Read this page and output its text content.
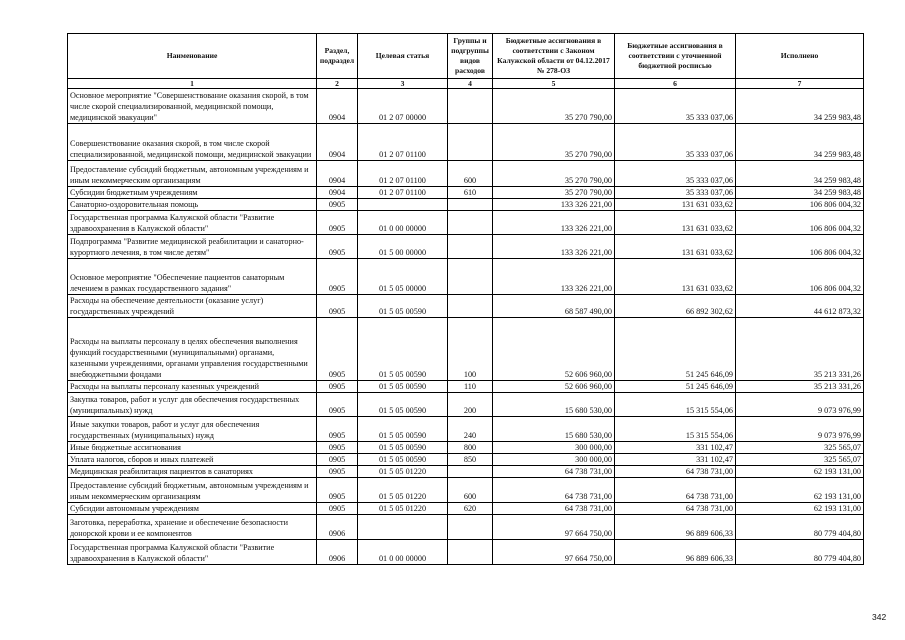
Наименование	Раздел, подраздел	Целевая статья	Группы и подгруппы видов расходов	Бюджетные ассигнования в соответствии с Законом Калужской области от 04.12.2017 № 278-ОЗ	Бюджетные ассигнования в соответствии с уточненной бюджетной росписью	Исполнено
1	2	3	4	5	6	7
Основное мероприятие "Совершенствование оказания скорой, в том числе скорой специализированной, медицинской помощи, медицинской эвакуации"	0904	01 2 07 00000		35 270 790,00	35 333 037,06	34 259 983,48
Совершенствование оказания скорой, в том числе скорой специализированной, медицинской помощи, медицинской эвакуации	0904	01 2 07 01100		35 270 790,00	35 333 037,06	34 259 983,48
Предоставление субсидий бюджетным, автономным учреждениям и иным некоммерческим организациям	0904	01 2 07 01100	600	35 270 790,00	35 333 037,06	34 259 983,48
Субсидии бюджетным учреждениям	0904	01 2 07 01100	610	35 270 790,00	35 333 037,06	34 259 983,48
Санаторно-оздоровительная помощь	0905			133 326 221,00	131 631 033,62	106 806 004,32
Государственная программа Калужской области "Развитие здравоохранения в Калужской области"	0905	01 0 00 00000		133 326 221,00	131 631 033,62	106 806 004,32
Подпрограмма "Развитие медицинской реабилитации и санаторно-курортного лечения, в том числе детям"	0905	01 5 00 00000		133 326 221,00	131 631 033,62	106 806 004,32
Основное мероприятие "Обеспечение пациентов санаторным лечением в рамках государственного задания"	0905	01 5 05 00000		133 326 221,00	131 631 033,62	106 806 004,32
Расходы на обеспечение деятельности (оказание услуг) государственных учреждений	0905	01 5 05 00590		68 587 490,00	66 892 302,62	44 612 873,32
Расходы на выплаты персоналу в целях обеспечения выполнения функций государственными (муниципальными) органами, казенными учреждениями, органами управления государственными внебюджетными фондами	0905	01 5 05 00590	100	52 606 960,00	51 245 646,09	35 213 331,26
Расходы на выплаты персоналу казенных учреждений	0905	01 5 05 00590	110	52 606 960,00	51 245 646,09	35 213 331,26
Закупка товаров, работ и услуг для обеспечения государственных (муниципальных) нужд	0905	01 5 05 00590	200	15 680 530,00	15 315 554,06	9 073 976,99
Иные закупки товаров, работ и услуг для обеспечения государственных (муниципальных) нужд	0905	01 5 05 00590	240	15 680 530,00	15 315 554,06	9 073 976,99
Иные бюджетные ассигнования	0905	01 5 05 00590	800	300 000,00	331 102,47	325 565,07
Уплата налогов, сборов и иных платежей	0905	01 5 05 00590	850	300 000,00	331 102,47	325 565,07
Медицинская реабилитация пациентов в санаториях	0905	01 5 05 01220		64 738 731,00	64 738 731,00	62 193 131,00
Предоставление субсидий бюджетным, автономным учреждениям и иным некоммерческим организациям	0905	01 5 05 01220	600	64 738 731,00	64 738 731,00	62 193 131,00
Субсидии автономным учреждениям	0905	01 5 05 01220	620	64 738 731,00	64 738 731,00	62 193 131,00
Заготовка, переработка, хранение и обеспечение безопасности донорской крови и ее компонентов	0906			97 664 750,00	96 889 606,33	80 779 404,80
Государственная программа Калужской области "Развитие здравоохранения в Калужской области"	0906	01 0 00 00000		97 664 750,00	96 889 606,33	80 779 404,80
342
